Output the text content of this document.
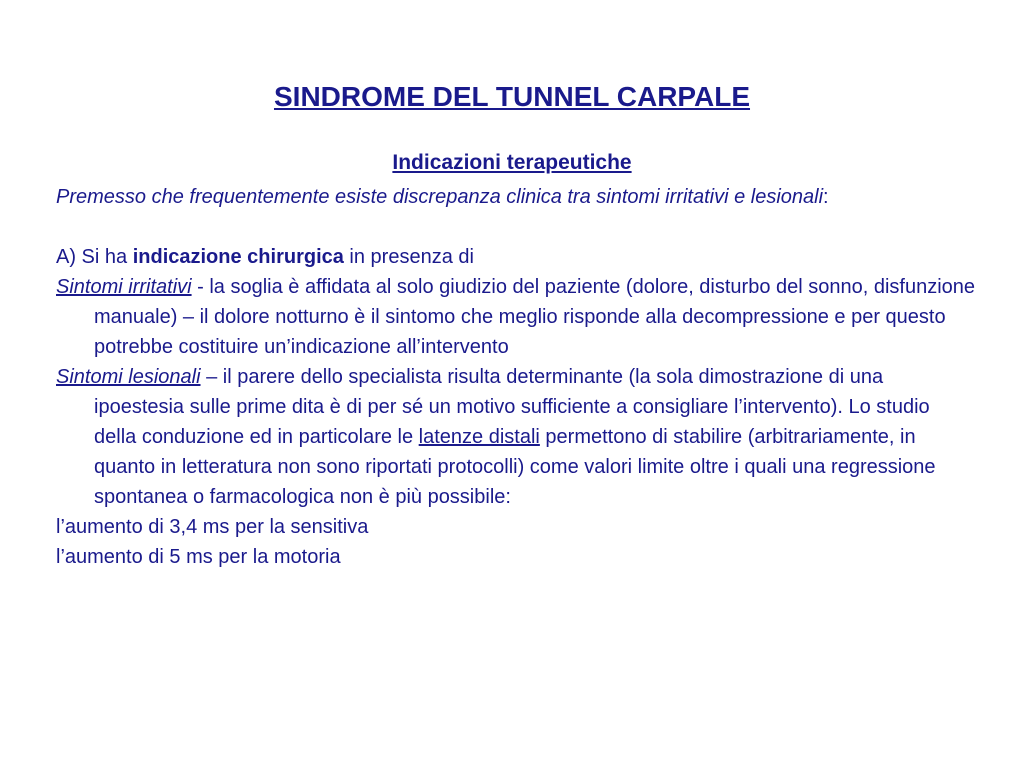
SINDROME DEL TUNNEL CARPALE
Indicazioni terapeutiche

Premesso che frequentemente esiste discrepanza clinica tra sintomi irritativi e lesionali:

A) Si ha indicazione chirurgica in presenza di

Sintomi irritativi - la soglia è affidata al solo giudizio del paziente (dolore, disturbo del sonno, disfunzione manuale) – il dolore notturno è il sintomo che meglio risponde alla decompressione e per questo potrebbe costituire un’indicazione all’intervento

Sintomi lesionali – il parere dello specialista risulta determinante (la sola dimostrazione di una ipoestesia sulle prime dita è di per sé un motivo sufficiente a consigliare l’intervento). Lo studio della conduzione ed in particolare le latenze distali permettono di stabilire (arbitrariamente, in quanto in letteratura non sono riportati protocolli) come valori limite oltre i quali una regressione spontanea o farmacologica non è più possibile:

l’aumento di 3,4 ms per la sensitiva

l’aumento di 5 ms per la motoria
